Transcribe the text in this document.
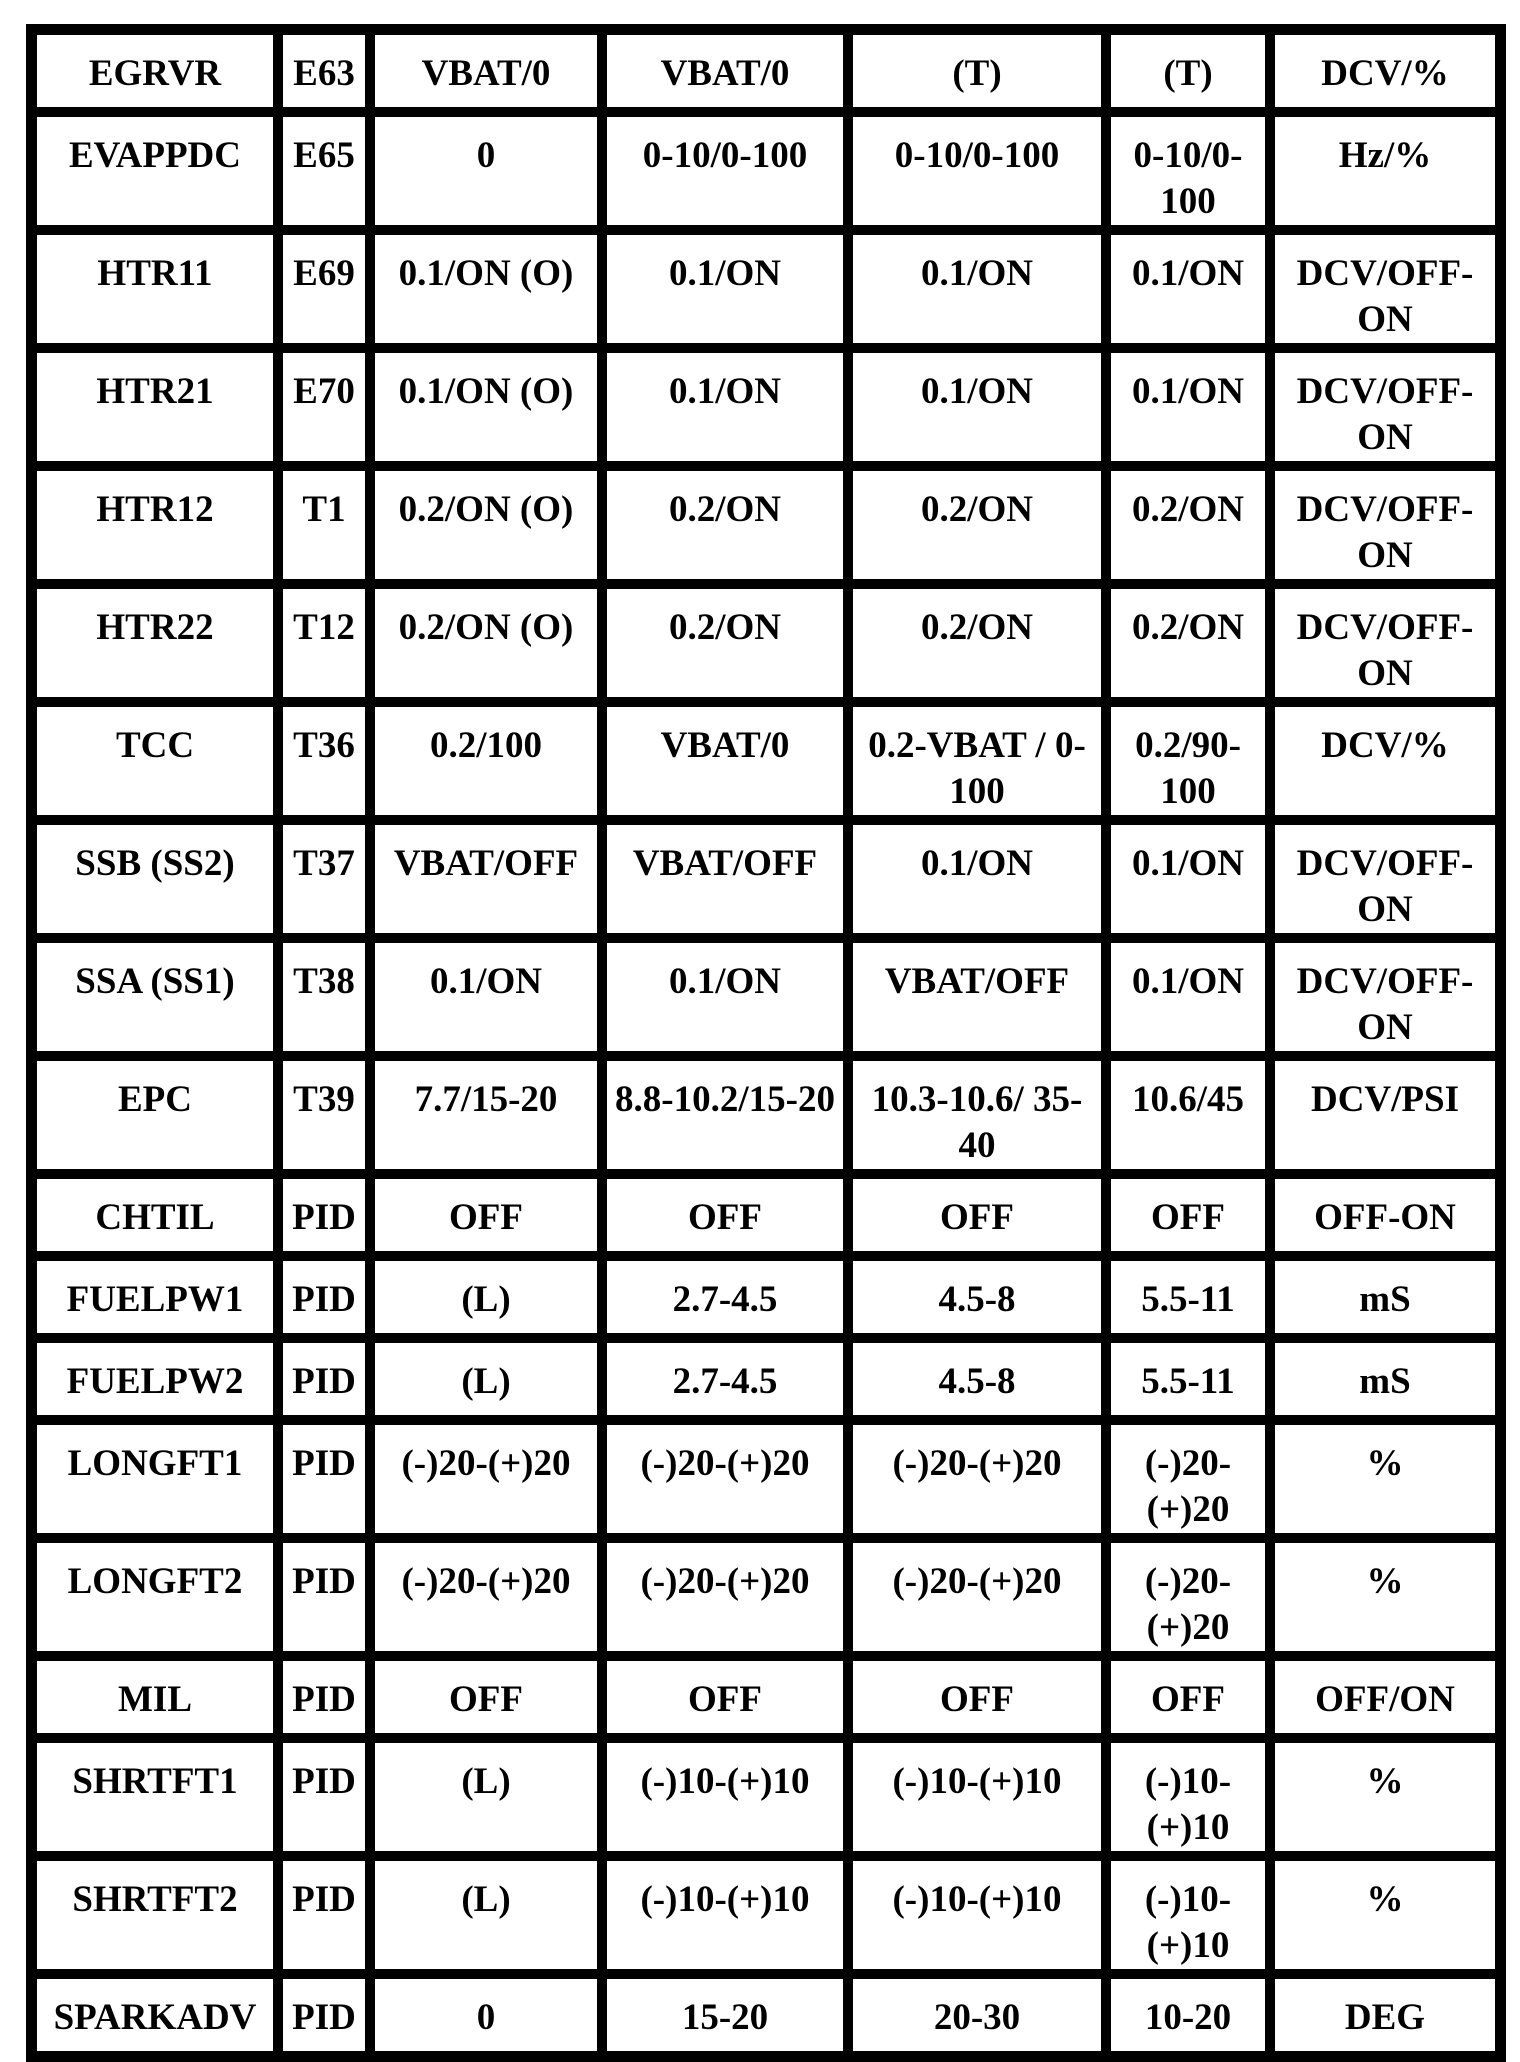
EGRVR	E63	VBAT/0	VBAT/0	(T)	(T)	DCV/%
EVAPPDC	E65	0	0-10/0-100	0-10/0-100	0-10/0-100	Hz/%
HTR11	E69	0.1/ON (O)	0.1/ON	0.1/ON	0.1/ON	DCV/OFF-ON
HTR21	E70	0.1/ON (O)	0.1/ON	0.1/ON	0.1/ON	DCV/OFF-ON
HTR12	T1	0.2/ON (O)	0.2/ON	0.2/ON	0.2/ON	DCV/OFF-ON
HTR22	T12	0.2/ON (O)	0.2/ON	0.2/ON	0.2/ON	DCV/OFF-ON
TCC	T36	0.2/100	VBAT/0	0.2-VBAT / 0-100	0.2/90-100	DCV/%
SSB (SS2)	T37	VBAT/OFF	VBAT/OFF	0.1/ON	0.1/ON	DCV/OFF-ON
SSA (SS1)	T38	0.1/ON	0.1/ON	VBAT/OFF	0.1/ON	DCV/OFF-ON
EPC	T39	7.7/15-20	8.8-10.2/15-20	10.3-10.6/ 35-40	10.6/45	DCV/PSI
CHTIL	PID	OFF	OFF	OFF	OFF	OFF-ON
FUELPW1	PID	(L)	2.7-4.5	4.5-8	5.5-11	mS
FUELPW2	PID	(L)	2.7-4.5	4.5-8	5.5-11	mS
LONGFT1	PID	(-)20-(+)20	(-)20-(+)20	(-)20-(+)20	(-)20-(+)20	%
LONGFT2	PID	(-)20-(+)20	(-)20-(+)20	(-)20-(+)20	(-)20-(+)20	%
MIL	PID	OFF	OFF	OFF	OFF	OFF/ON
SHRTFT1	PID	(L)	(-)10-(+)10	(-)10-(+)10	(-)10-(+)10	%
SHRTFT2	PID	(L)	(-)10-(+)10	(-)10-(+)10	(-)10-(+)10	%
SPARKADV	PID	0	15-20	20-30	10-20	DEG
